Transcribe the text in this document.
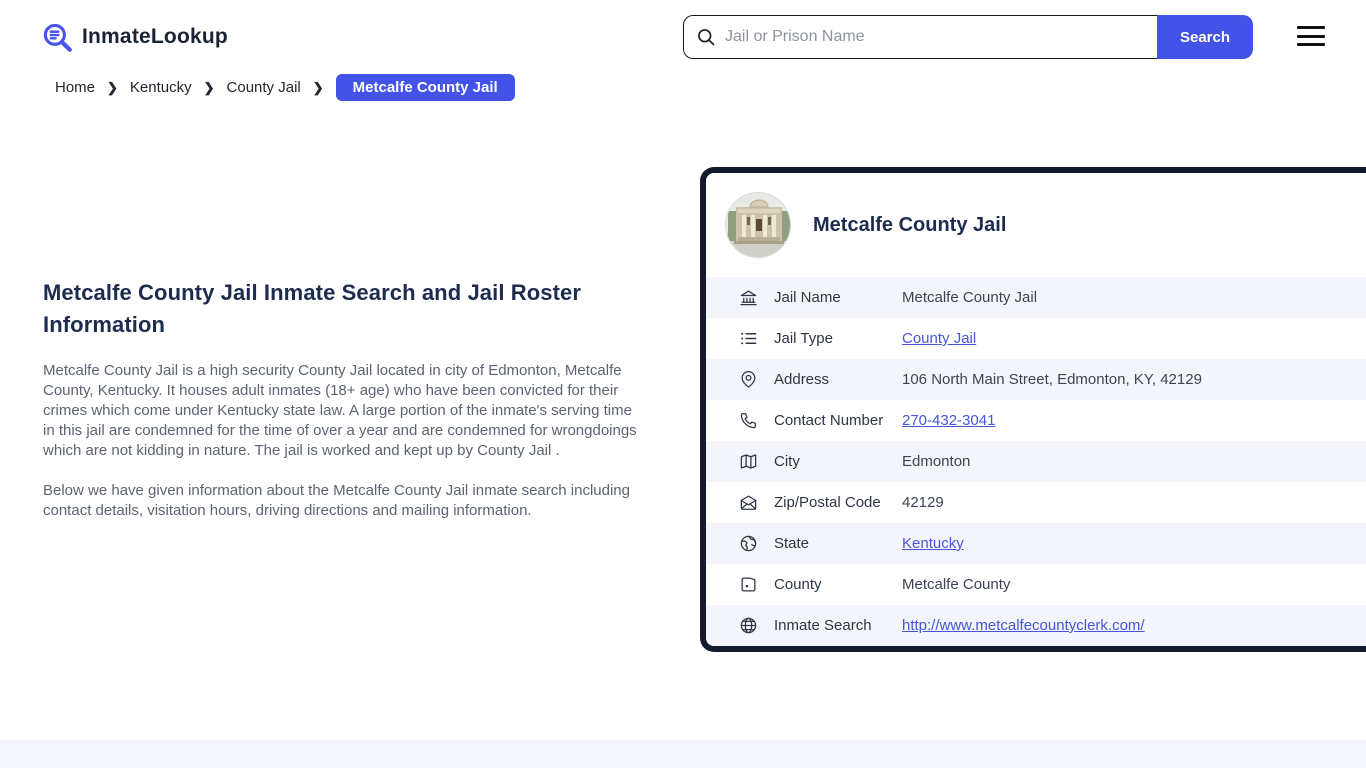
InmateLookup
Jail or Prison Name	Search
Home ❯ Kentucky ❯ County Jail ❯	Metcalfe County Jail
Metcalfe County Jail Inmate Search and Jail Roster Information

Metcalfe County Jail is a high security County Jail located in city of Edmonton, Metcalfe County, Kentucky. It houses adult inmates (18+ age) who have been convicted for their crimes which come under Kentucky state law. A large portion of the inmate's serving time in this jail are condemned for the time of over a year and are condemned for wrongdoings which are not kidding in nature. The jail is worked and kept up by County Jail .

Below we have given information about the Metcalfe County Jail inmate search including contact details, visitation hours, driving directions and mailing information.

Metcalfe County Jail
Jail Name	Metcalfe County Jail
Jail Type	County Jail
Address	106 North Main Street, Edmonton, KY, 42129
Contact Number	270-432-3041
City	Edmonton
Zip/Postal Code	42129
State	Kentucky
County	Metcalfe County
Inmate Search	http://www.metcalfecountyclerk.com/
